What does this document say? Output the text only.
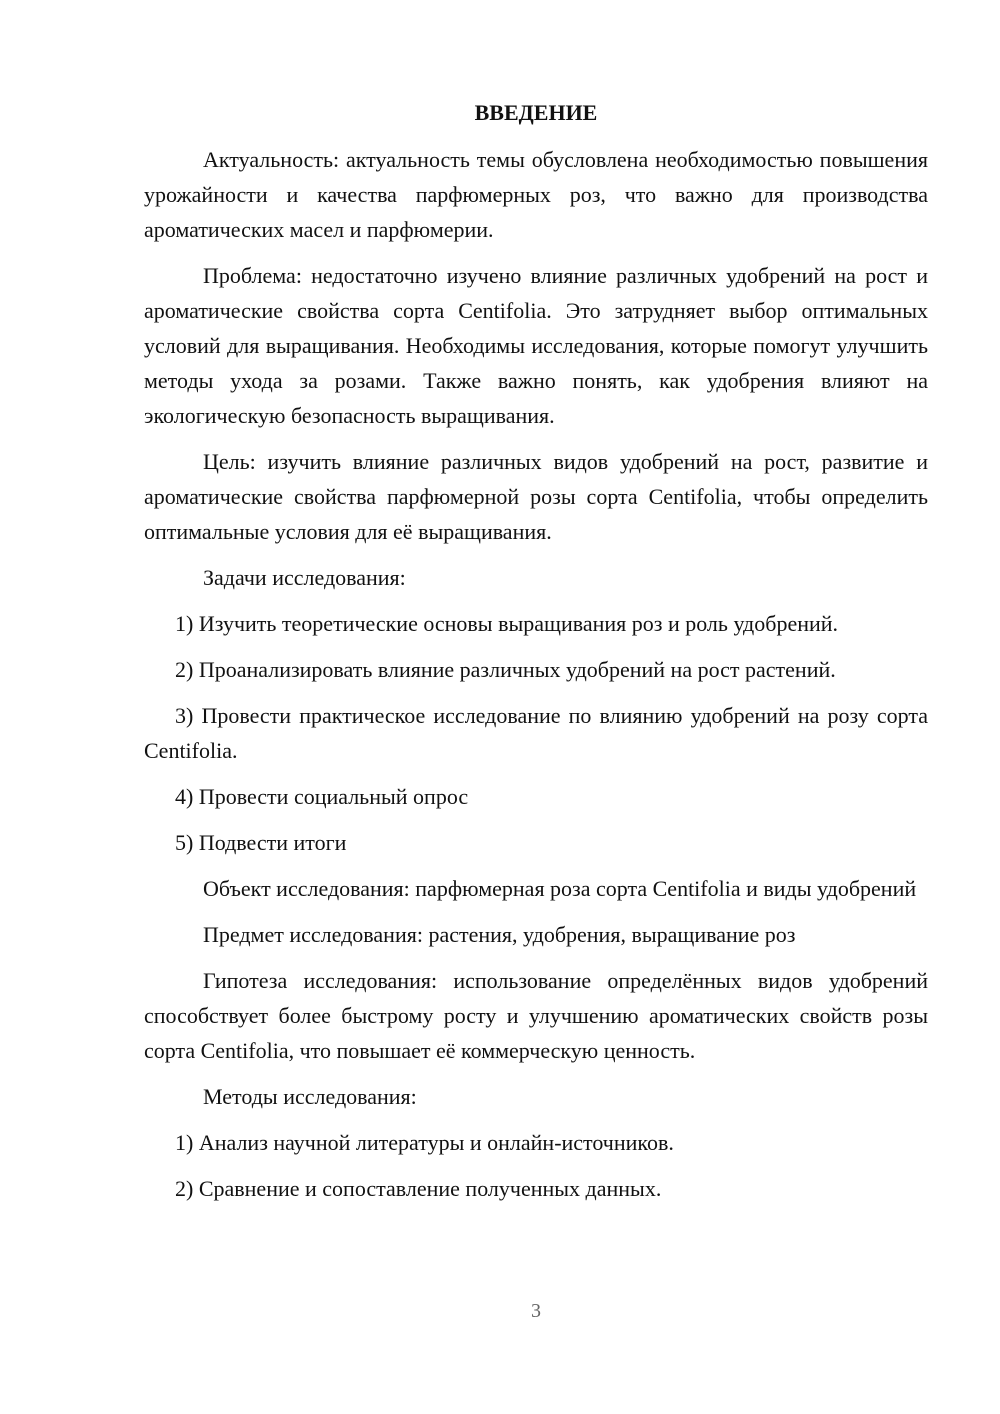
ВВЕДЕНИЕ

Актуальность: актуальность темы обусловлена необходимостью повышения урожайности и качества парфюмерных роз, что важно для производства ароматических масел и парфюмерии.

Проблема: недостаточно изучено влияние различных удобрений на рост и ароматические свойства сорта Centifolia. Это затрудняет выбор оптимальных условий для выращивания. Необходимы исследования, которые помогут улучшить методы ухода за розами. Также важно понять, как удобрения влияют на экологическую безопасность выращивания.

Цель: изучить влияние различных видов удобрений на рост, развитие и ароматические свойства парфюмерной розы сорта Centifolia, чтобы определить оптимальные условия для её выращивания.

Задачи исследования:

1) Изучить теоретические основы выращивания роз и роль удобрений.

2) Проанализировать влияние различных удобрений на рост растений.

3) Провести практическое исследование по влиянию удобрений на розу сорта Centifolia.

4) Провести социальный опрос

5) Подвести итоги

Объект исследования: парфюмерная роза сорта Centifolia и виды удобрений

Предмет исследования: растения, удобрения, выращивание роз

Гипотеза исследования: использование определённых видов удобрений способствует более быстрому росту и улучшению ароматических свойств розы сорта Centifolia, что повышает её коммерческую ценность.

Методы исследования:

1) Анализ научной литературы и онлайн-источников.

2) Сравнение и сопоставление полученных данных.

3
